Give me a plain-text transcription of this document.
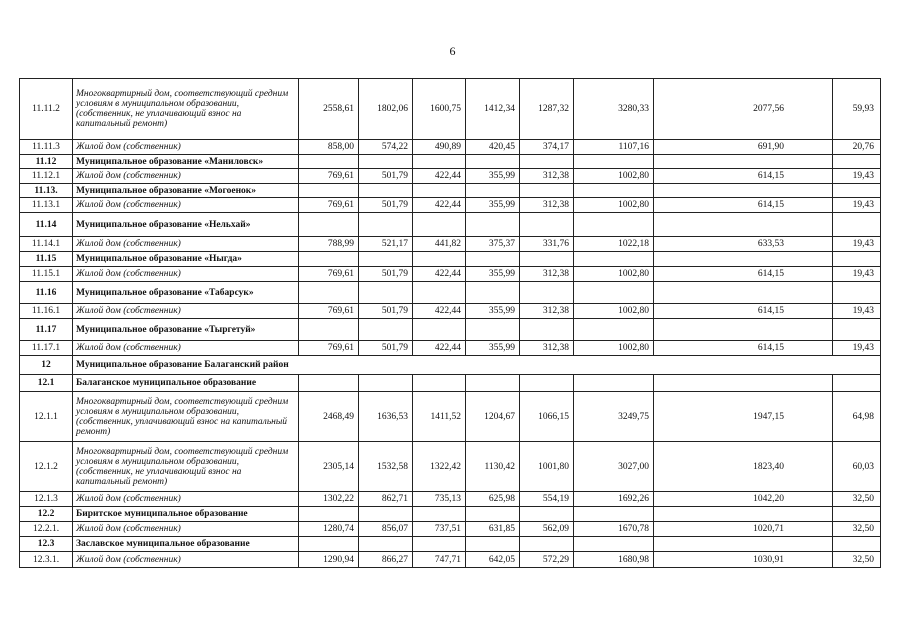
6
11.11.2	Многоквартирный дом, соответствующий средним условиям в муниципальном образовании, (собственник, не уплачивающий взнос на капитальный ремонт)	2558,61	1802,06	1600,75	1412,34	1287,32	3280,33	2077,56	59,93
11.11.3	Жилой дом (собственник)	858,00	574,22	490,89	420,45	374,17	1107,16	691,90	20,76
11.12	Муниципальное образование «Маниловск»								
11.12.1	Жилой дом (собственник)	769,61	501,79	422,44	355,99	312,38	1002,80	614,15	19,43
11.13.	Муниципальное образование «Могоенок»								
11.13.1	Жилой дом (собственник)	769,61	501,79	422,44	355,99	312,38	1002,80	614,15	19,43
11.14	Муниципальное образование «Нельхай»								
11.14.1	Жилой дом (собственник)	788,99	521,17	441,82	375,37	331,76	1022,18	633,53	19,43
11.15	Муниципальное образование «Ныгда»								
11.15.1	Жилой дом (собственник)	769,61	501,79	422,44	355,99	312,38	1002,80	614,15	19,43
11.16	Муниципальное образование «Табарсук»								
11.16.1	Жилой дом (собственник)	769,61	501,79	422,44	355,99	312,38	1002,80	614,15	19,43
11.17	Муниципальное образование «Тыргетуй»								
11.17.1	Жилой дом (собственник)	769,61	501,79	422,44	355,99	312,38	1002,80	614,15	19,43
12	Муниципальное образование Балаганский район								
12.1	Балаганское муниципальное образование								
12.1.1	Многоквартирный дом, соответствующий средним условиям в муниципальном образовании, (собственник, уплачивающий взнос на капитальный ремонт)	2468,49	1636,53	1411,52	1204,67	1066,15	3249,75	1947,15	64,98
12.1.2	Многоквартирный дом, соответствующий средним условиям в муниципальном образовании, (собственник, не уплачивающий взнос на капитальный ремонт)	2305,14	1532,58	1322,42	1130,42	1001,80	3027,00	1823,40	60,03
12.1.3	Жилой дом (собственник)	1302,22	862,71	735,13	625,98	554,19	1692,26	1042,20	32,50
12.2	Биритское муниципальное образование								
12.2.1.	Жилой дом (собственник)	1280,74	856,07	737,51	631,85	562,09	1670,78	1020,71	32,50
12.3	Заславское муниципальное образование								
12.3.1.	Жилой дом (собственник)	1290,94	866,27	747,71	642,05	572,29	1680,98	1030,91	32,50
